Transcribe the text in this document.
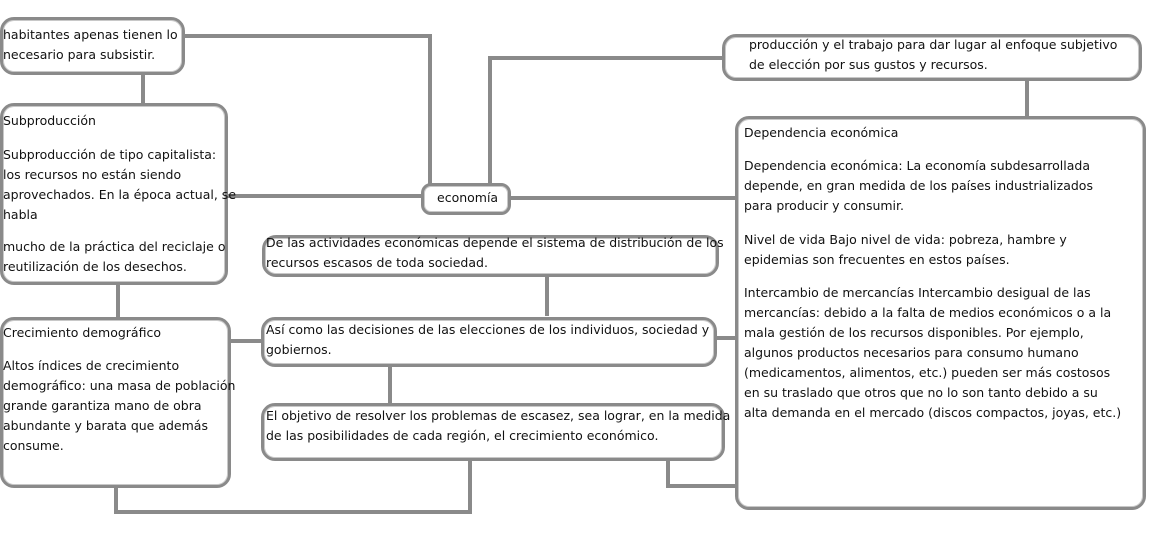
habitantes apenas tienen lo
necesario para subsistir.
producción y el trabajo para dar lugar al enfoque subjetivo
de elección por sus gustos y recursos.
Subproducción
Subproducción de tipo capitalista:
los recursos no están siendo
aprovechados. En la época actual, se
habla
mucho de la práctica del reciclaje o
reutilización de los desechos.
economía
Crecimiento demográfico
Altos índices de crecimiento
demográfico: una masa de población
grande garantiza mano de obra
abundante y barata que además
consume.
De las actividades económicas depende el sistema de distribución de los
recursos escasos de toda sociedad.
Así como las decisiones de las elecciones de los individuos, sociedad y
gobiernos.
El objetivo de resolver los problemas de escasez, sea lograr, en la medida
de las posibilidades de cada región, el crecimiento económico.
Dependencia económica
Dependencia económica: La economía subdesarrollada
depende, en gran medida de los países industrializados
para producir y consumir.
Nivel de vida Bajo nivel de vida: pobreza, hambre y
epidemias son frecuentes en estos países.
Intercambio de mercancías Intercambio desigual de las
mercancías: debido a la falta de medios económicos o a la
mala gestión de los recursos disponibles. Por ejemplo,
algunos productos necesarios para consumo humano
(medicamentos, alimentos, etc.) pueden ser más costosos
en su traslado que otros que no lo son tanto debido a su
alta demanda en el mercado (discos compactos, joyas, etc.)
